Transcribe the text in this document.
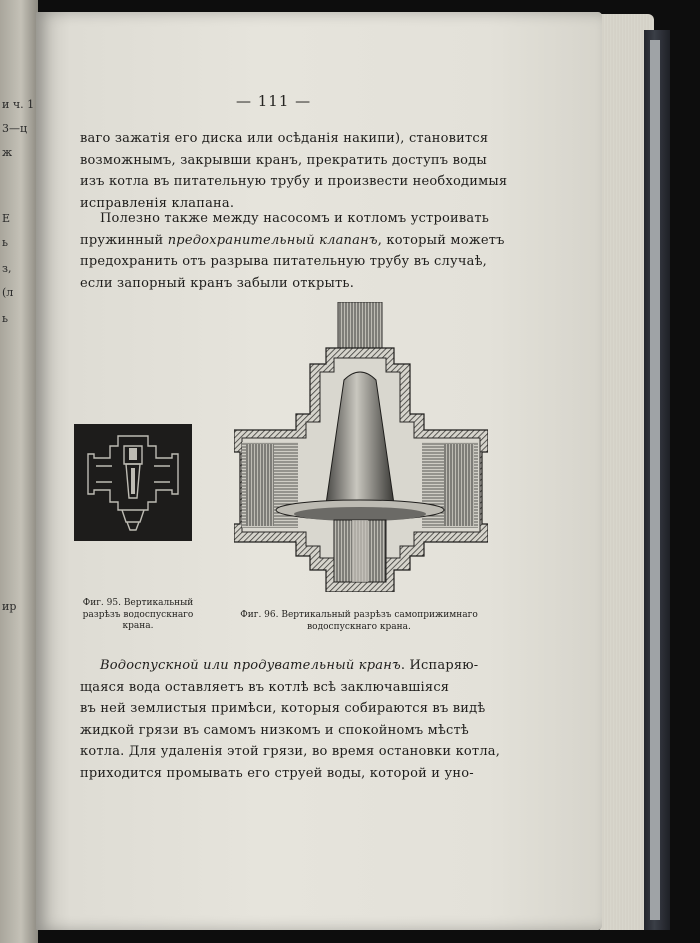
и ч. 1
3—ц
ж
Е
ь
з,
(л
ь
ир
— 111 —
ваго зажатія его диска или осѣданія накипи), становится
возможнымъ, закрывши кранъ, прекратить доступъ воды
изъ котла въ питательную трубу и произвести необходимыя
исправленія клапана.
Полезно также между насосомъ и котломъ устроивать
пружинный предохранительный клапанъ, который можетъ
предохранить отъ разрыва питательную трубу въ случаѣ,
если запорный кранъ забыли открыть.
Фиг. 95. Вертикальный
разрѣзъ водоспускнаго
крана.
Фиг. 96. Вертикальный разрѣзъ самоприжимнаго
водоспускнаго крана.
Водоспускной или продувательный кранъ. Испаряю-
щаяся вода оставляетъ въ котлѣ всѣ заключавшіяся
въ ней землистыя примѣси, которыя собираются въ видѣ
жидкой грязи въ самомъ низкомъ и спокойномъ мѣстѣ
котла. Для удаленія этой грязи, во время остановки котла,
приходится промывать его струей воды, которой и уно-
